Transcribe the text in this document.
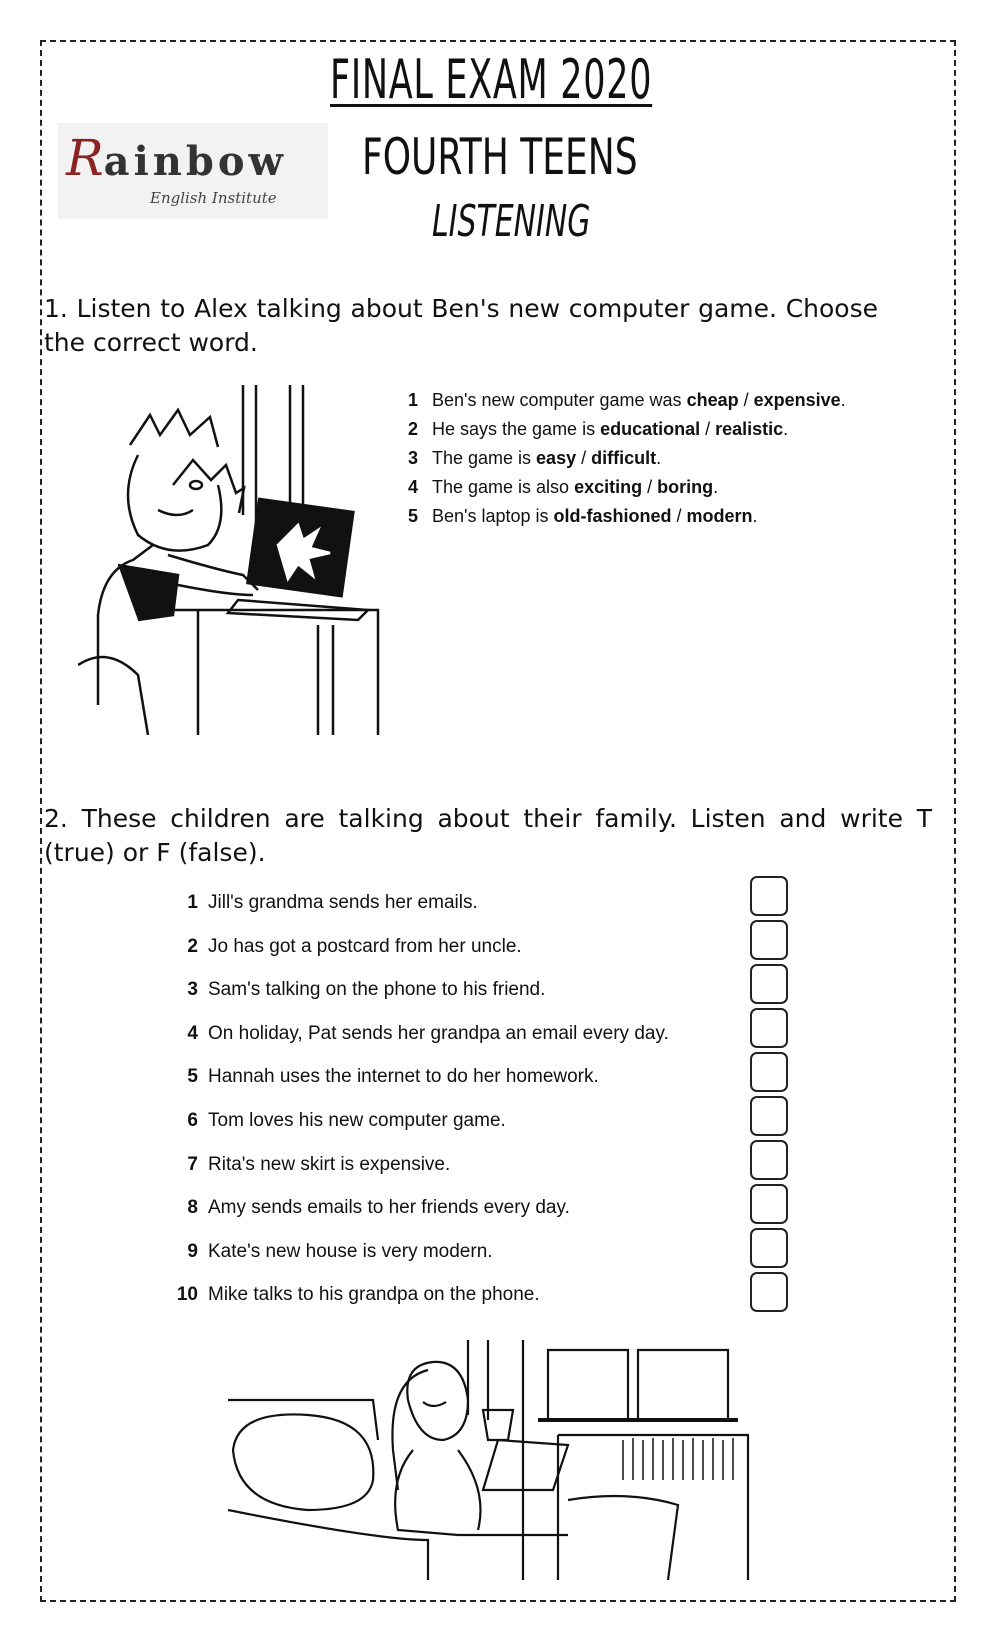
FINAL EXAM 2020
FOURTH TEENS
LISTENING
Rainbow
English Institute
1. Listen to Alex talking about Ben's new computer game. Choose the correct word.
1 Ben's new computer game was cheap / expensive .
2 He says the game is educational / realistic .
3 The game is easy / difficult .
4 The game is also exciting / boring .
5 Ben's laptop is old-fashioned / modern .
2. These children are talking about their family. Listen and write T (true) or F (false).
1 Jill's grandma sends her emails.
2 Jo has got a postcard from her uncle.
3 Sam's talking on the phone to his friend.
4 On holiday, Pat sends her grandpa an email every day.
5 Hannah uses the internet to do her homework.
6 Tom loves his new computer game.
7 Rita's new skirt is expensive.
8 Amy sends emails to her friends every day.
9 Kate's new house is very modern.
10 Mike talks to his grandpa on the phone.
